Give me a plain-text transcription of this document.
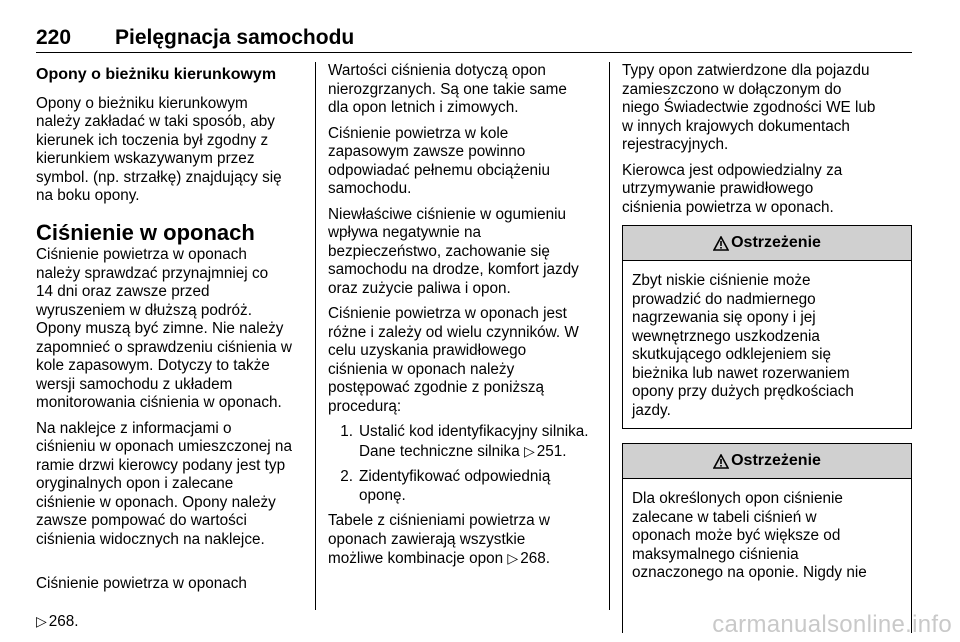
220 Pielęgnacja samochodu
Opony o bieżniku kierunkowym

Opony o bieżniku kierunkowym
należy zakładać w taki sposób, aby
kierunek ich toczenia był zgodny z
kierunkiem wskazywanym przez
symbol. (np. strzałkę) znajdujący się
na boku opony.

Ciśnienie w oponach

Ciśnienie powietrza w oponach
należy sprawdzać przynajmniej co
14 dni oraz zawsze przed
wyruszeniem w dłuższą podróż.
Opony muszą być zimne. Nie należy
zapomnieć o sprawdzeniu ciśnienia w
kole zapasowym. Dotyczy to także
wersji samochodu z układem
monitorowania ciśnienia w oponach.

Na naklejce z informacjami o
ciśnieniu w oponach umieszczonej na
ramie drzwi kierowcy podany jest typ
oryginalnych opon i zalecane
ciśnienie w oponach. Opony należy
zawsze pompować do wartości
ciśnienia widocznych na naklejce.

Ciśnienie powietrza w oponach

▷ 268.

Wartości ciśnienia dotyczą opon
nierozgrzanych. Są one takie same
dla opon letnich i zimowych.

Ciśnienie powietrza w kole
zapasowym zawsze powinno
odpowiadać pełnemu obciążeniu
samochodu.

Niewłaściwe ciśnienie w ogumieniu
wpływa negatywnie na
bezpieczeństwo, zachowanie się
samochodu na drodze, komfort jazdy
oraz zużycie paliwa i opon.

Ciśnienie powietrza w oponach jest
różne i zależy od wielu czynników. W
celu uzyskania prawidłowego
ciśnienia w oponach należy
postępować zgodnie z poniższą
procedurą:

1. Ustalić kod identyfikacyjny silnika.
Dane techniczne silnika ▷ 251.
2. Zidentyfikować odpowiednią
oponę.

Tabele z ciśnieniami powietrza w
oponach zawierają wszystkie
możliwe kombinacje opon ▷ 268.

Typy opon zatwierdzone dla pojazdu
zamieszczono w dołączonym do
niego Świadectwie zgodności WE lub
w innych krajowych dokumentach
rejestracyjnych.

Kierowca jest odpowiedzialny za
utrzymywanie prawidłowego
ciśnienia powietrza w oponach.

Ostrzeżenie
Zbyt niskie ciśnienie może
prowadzić do nadmiernego
nagrzewania się opony i jej
wewnętrznego uszkodzenia
skutkującego odklejeniem się
bieżnika lub nawet rozerwaniem
opony przy dużych prędkościach
jazdy.
Ostrzeżenie
Dla określonych opon ciśnienie
zalecane w tabeli ciśnień w
oponach może być większe od
maksymalnego ciśnienia
oznaczonego na oponie. Nigdy nie
carmanualsonline.info
